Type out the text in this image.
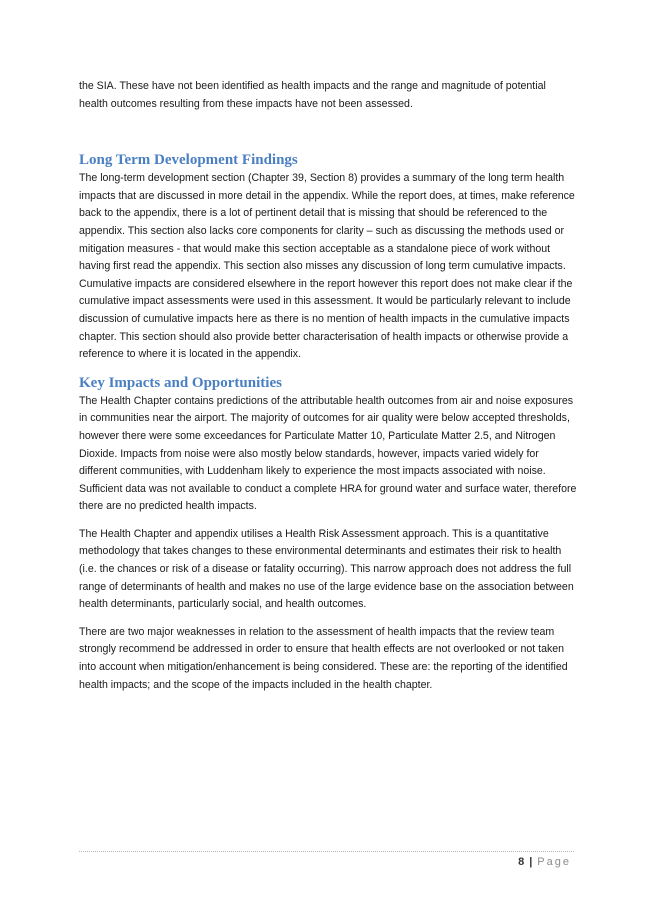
the SIA. These have not been identified as health impacts and the range and magnitude of potential health outcomes resulting from these impacts have not been assessed.

Long Term Development Findings

The long-term development section (Chapter 39, Section 8) provides a summary of the long term health impacts that are discussed in more detail in the appendix. While the report does, at times, make reference back to the appendix, there is a lot of pertinent detail that is missing that should be referenced to the appendix. This section also lacks core components for clarity – such as discussing the methods used or mitigation measures - that would make this section acceptable as a standalone piece of work without having first read the appendix. This section also misses any discussion of long term cumulative impacts. Cumulative impacts are considered elsewhere in the report however this report does not make clear if the cumulative impact assessments were used in this assessment. It would be particularly relevant to include discussion of cumulative impacts here as there is no mention of health impacts in the cumulative impacts chapter. This section should also provide better characterisation of health impacts or otherwise provide a reference to where it is located in the appendix.

Key Impacts and Opportunities

The Health Chapter contains predictions of the attributable health outcomes from air and noise exposures in communities near the airport. The majority of outcomes for air quality were below accepted thresholds, however there were some exceedances for Particulate Matter 10, Particulate Matter 2.5, and Nitrogen Dioxide. Impacts from noise were also mostly below standards, however, impacts varied widely for different communities, with Luddenham likely to experience the most impacts associated with noise. Sufficient data was not available to conduct a complete HRA for ground water and surface water, therefore there are no predicted health impacts.

The Health Chapter and appendix utilises a Health Risk Assessment approach. This is a quantitative methodology that takes changes to these environmental determinants and estimates their risk to health (i.e. the chances or risk of a disease or fatality occurring). This narrow approach does not address the full range of determinants of health and makes no use of the large evidence base on the association between health determinants, particularly social, and health outcomes.

There are two major weaknesses in relation to the assessment of health impacts that the review team strongly recommend be addressed in order to ensure that health effects are not overlooked or not taken into account when mitigation/enhancement is being considered. These are: the reporting of the identified health impacts; and the scope of the impacts included in the health chapter.

8 | Page
